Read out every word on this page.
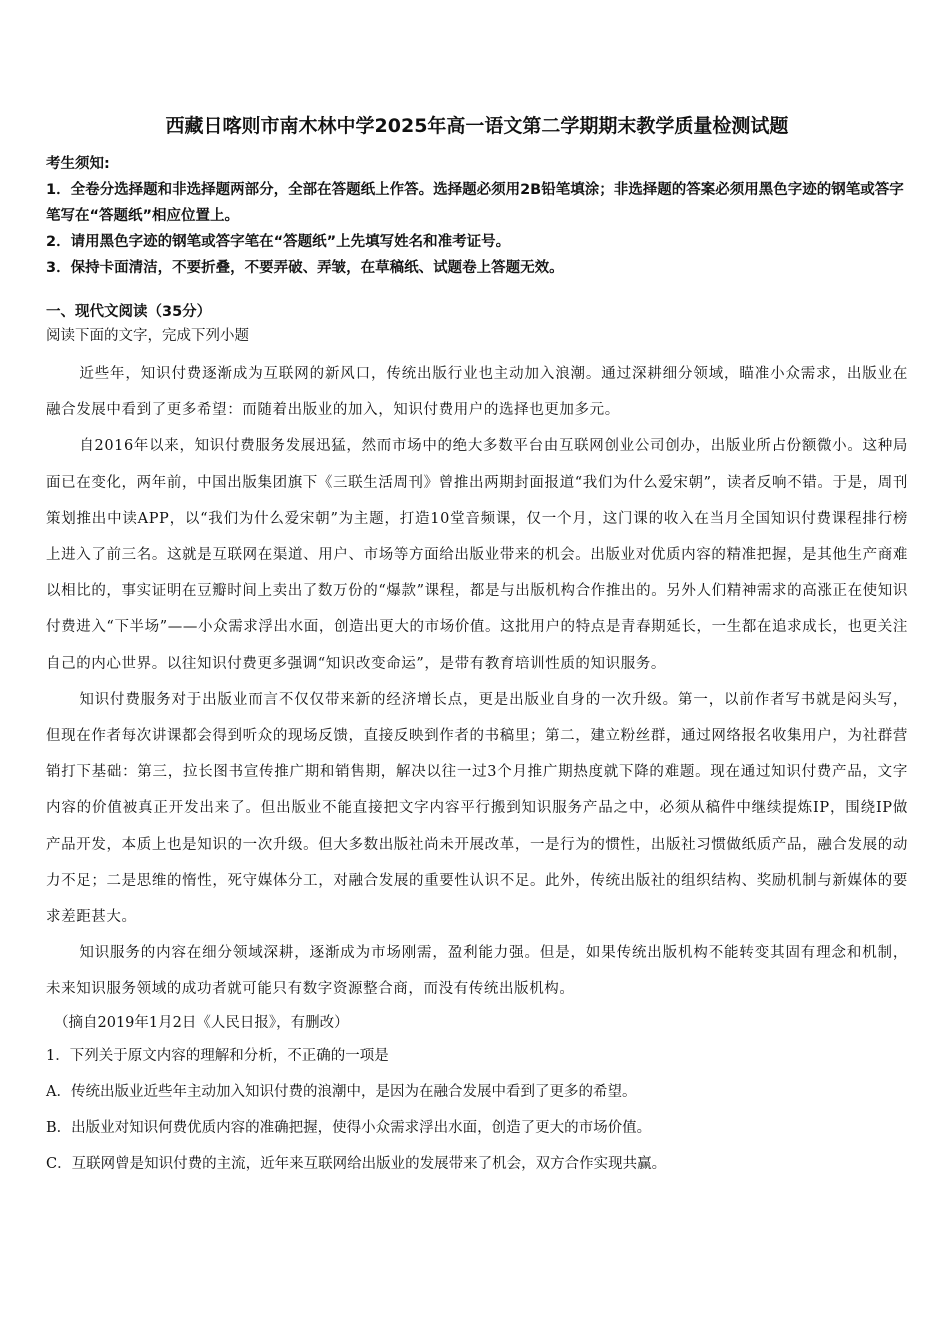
西藏日喀则市南木林中学2025年高一语文第二学期期末教学质量检测试题

考生须知:

1．全卷分选择题和非选择题两部分，全部在答题纸上作答。选择题必须用2B铅笔填涂；非选择题的答案必须用黑色字迹的钢笔或答字笔写在“答题纸”相应位置上。

2．请用黑色字迹的钢笔或答字笔在“答题纸”上先填写姓名和准考证号。

3．保持卡面清洁，不要折叠，不要弄破、弄皱，在草稿纸、试题卷上答题无效。

一、现代文阅读（35分）

阅读下面的文字，完成下列小题

近些年，知识付费逐渐成为互联网的新风口，传统出版行业也主动加入浪潮。通过深耕细分领域，瞄准小众需求，出版业在融合发展中看到了更多希望：而随着出版业的加入，知识付费用户的选择也更加多元。

自2016年以来，知识付费服务发展迅猛，然而市场中的绝大多数平台由互联网创业公司创办，出版业所占份额微小。这种局面已在变化，两年前，中国出版集团旗下《三联生活周刊》曾推出两期封面报道“我们为什么爱宋朝”，读者反响不错。于是，周刊策划推出中读APP，以“我们为什么爱宋朝”为主题，打造10堂音频课，仅一个月，这门课的收入在当月全国知识付费课程排行榜上进入了前三名。这就是互联网在渠道、用户、市场等方面给出版业带来的机会。出版业对优质内容的精准把握，是其他生产商难以相比的，事实证明在豆瓣时间上卖出了数万份的“爆款”课程，都是与出版机构合作推出的。另外人们精神需求的高涨正在使知识付费进入“下半场”——小众需求浮出水面，创造出更大的市场价值。这批用户的特点是青春期延长，一生都在追求成长，也更关注自己的内心世界。以往知识付费更多强调“知识改变命运”，是带有教育培训性质的知识服务。

知识付费服务对于出版业而言不仅仅带来新的经济增长点，更是出版业自身的一次升级。第一，以前作者写书就是闷头写，但现在作者每次讲课都会得到听众的现场反馈，直接反映到作者的书稿里；第二，建立粉丝群，通过网络报名收集用户，为社群营销打下基础：第三，拉长图书宣传推广期和销售期，解决以往一过3个月推广期热度就下降的难题。现在通过知识付费产品，文字内容的价值被真正开发出来了。但出版业不能直接把文字内容平行搬到知识服务产品之中，必须从稿件中继续提炼IP，围绕IP做产品开发，本质上也是知识的一次升级。但大多数出版社尚未开展改革，一是行为的惯性，出版社习惯做纸质产品，融合发展的动力不足；二是思维的惰性，死守媒体分工，对融合发展的重要性认识不足。此外，传统出版社的组织结构、奖励机制与新媒体的要求差距甚大。

知识服务的内容在细分领域深耕，逐渐成为市场刚需，盈利能力强。但是，如果传统出版机构不能转变其固有理念和机制，未来知识服务领域的成功者就可能只有数字资源整合商，而没有传统出版机构。

（摘自2019年1月2日《人民日报》，有删改）

1．下列关于原文内容的理解和分析，不正确的一项是

A．传统出版业近些年主动加入知识付费的浪潮中，是因为在融合发展中看到了更多的希望。

B．出版业对知识何费优质内容的准确把握，使得小众需求浮出水面，创造了更大的市场价值。

C．互联网曾是知识付费的主流，近年来互联网给出版业的发展带来了机会，双方合作实现共赢。
